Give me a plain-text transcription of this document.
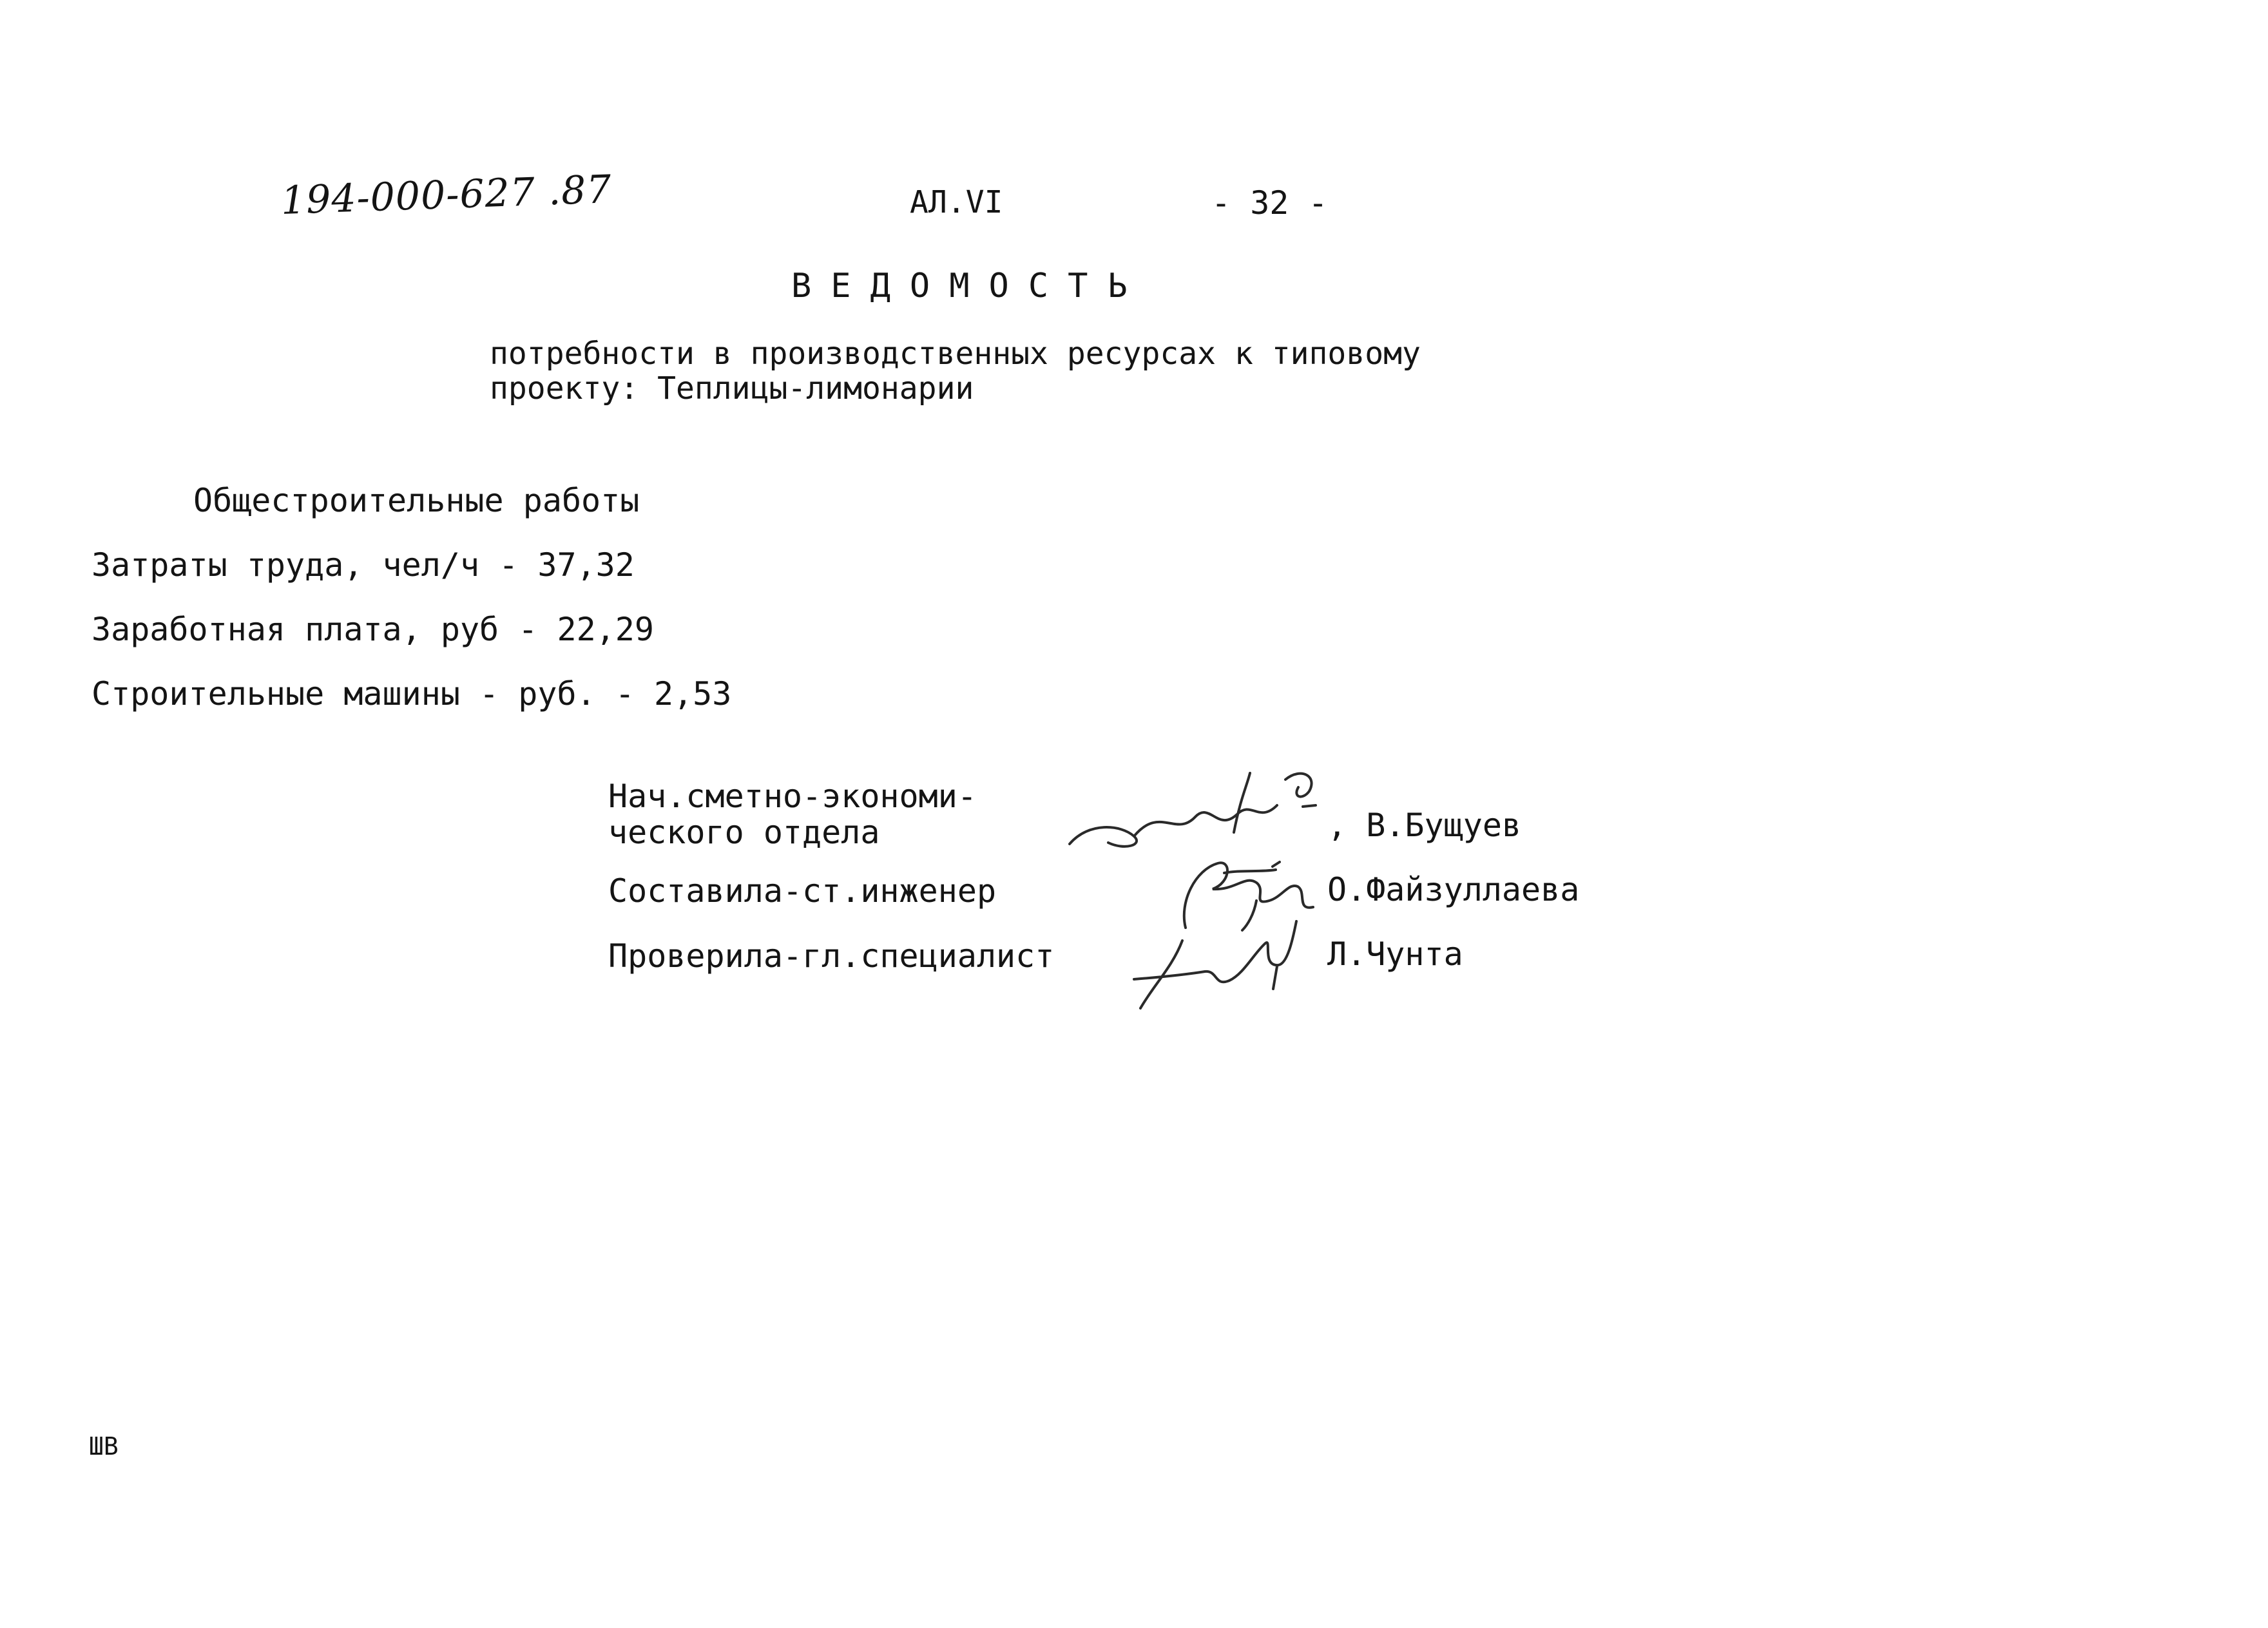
194-000-627 .87	АЛ.VI	- 32 -
ВЕДОМОСТЬ
потребности в производственных ресурсах к типовому
проекту: Теплицы-лимонарии
Общестроительные работы
Затраты труда, чел/ч - 37,32
Заработная плата, руб - 22,29
Строительные машины - руб. - 2,53
Нач.сметно-экономи-
ческого отдела
Составила-ст.инженер
Проверила-гл.специалист
, В.Бущуев
О.Файзуллаева
Л.Чунта
ШВ
